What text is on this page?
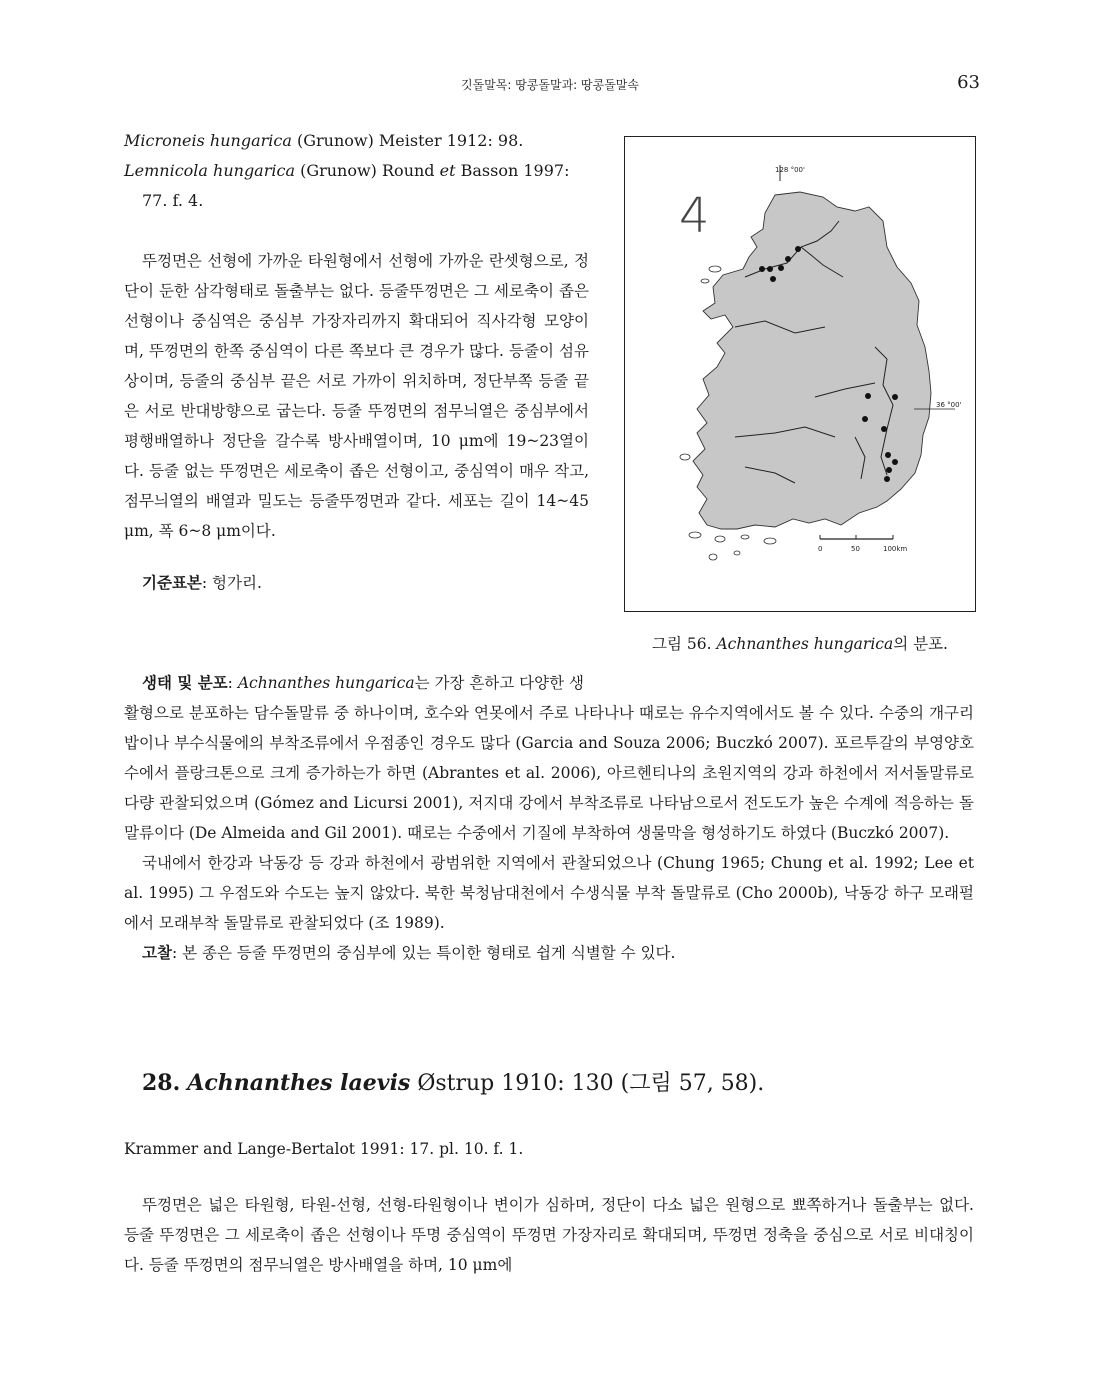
깃돌말목: 땅콩돌말과: 땅콩돌말속	63

Microneis hungarica (Grunow) Meister 1912: 98.

Lemnicola hungarica (Grunow) Round et Basson 1997: 77. f. 4.

뚜껑면은 선형에 가까운 타원형에서 선형에 가까운 란셋형으로, 정단이 둔한 삼각형태로 돌출부는 없다. 등줄뚜껑면은 그 세로축이 좁은 선형이나 중심역은 중심부 가장자리까지 확대되어 직사각형 모양이며, 뚜껑면의 한쪽 중심역이 다른 쪽보다 큰 경우가 많다. 등줄이 섬유상이며, 등줄의 중심부 끝은 서로 가까이 위치하며, 정단부쪽 등줄 끝은 서로 반대방향으로 굽는다. 등줄 뚜껑면의 점무늬열은 중심부에서 평행배열하나 정단을 갈수록 방사배열이며, 10 μm에 19~23열이다. 등줄 없는 뚜껑면은 세로축이 좁은 선형이고, 중심역이 매우 작고, 점무늬열의 배열과 밀도는 등줄뚜껑면과 같다. 세포는 길이 14~45 μm, 폭 6~8 μm이다.

기준표본: 헝가리.

4
128 °00'
36 °00'
0	50	100km
그림 56. Achnanthes hungarica의 분포.

생태 및 분포: Achnanthes hungarica는 가장 흔하고 다양한 생활형으로 분포하는 담수돌말류 중 하나이며, 호수와 연못에서 주로 나타나나 때로는 유수지역에서도 볼 수 있다. 수중의 개구리밥이나 부수식물에의 부착조류에서 우점종인 경우도 많다 (Garcia and Souza 2006; Buczkó 2007). 포르투갈의 부영양호수에서 플랑크톤으로 크게 증가하는가 하면 (Abrantes et al. 2006), 아르헨티나의 초원지역의 강과 하천에서 저서돌말류로 다량 관찰되었으며 (Gómez and Licursi 2001), 저지대 강에서 부착조류로 나타남으로서 전도도가 높은 수계에 적응하는 돌말류이다 (De Almeida and Gil 2001). 때로는 수중에서 기질에 부착하여 생물막을 형성하기도 하였다 (Buczkó 2007).

국내에서 한강과 낙동강 등 강과 하천에서 광범위한 지역에서 관찰되었으나 (Chung 1965; Chung et al. 1992; Lee et al. 1995) 그 우점도와 수도는 높지 않았다. 북한 북청남대천에서 수생식물 부착 돌말류로 (Cho 2000b), 낙동강 하구 모래펄에서 모래부착 돌말류로 관찰되었다 (조 1989).

고찰: 본 종은 등줄 뚜껑면의 중심부에 있는 특이한 형태로 쉽게 식별할 수 있다.

28. Achnanthes laevis Østrup 1910: 130 (그림 57, 58).

Krammer and Lange-Bertalot 1991: 17. pl. 10. f. 1.

뚜껑면은 넓은 타원형, 타원-선형, 선형-타원형이나 변이가 심하며, 정단이 다소 넓은 원형으로 뾰쪽하거나 돌출부는 없다. 등줄 뚜껑면은 그 세로축이 좁은 선형이나 뚜명 중심역이 뚜껑면 가장자리로 확대되며, 뚜껑면 정축을 중심으로 서로 비대칭이다. 등줄 뚜껑면의 점무늬열은 방사배열을 하며, 10 μm에
